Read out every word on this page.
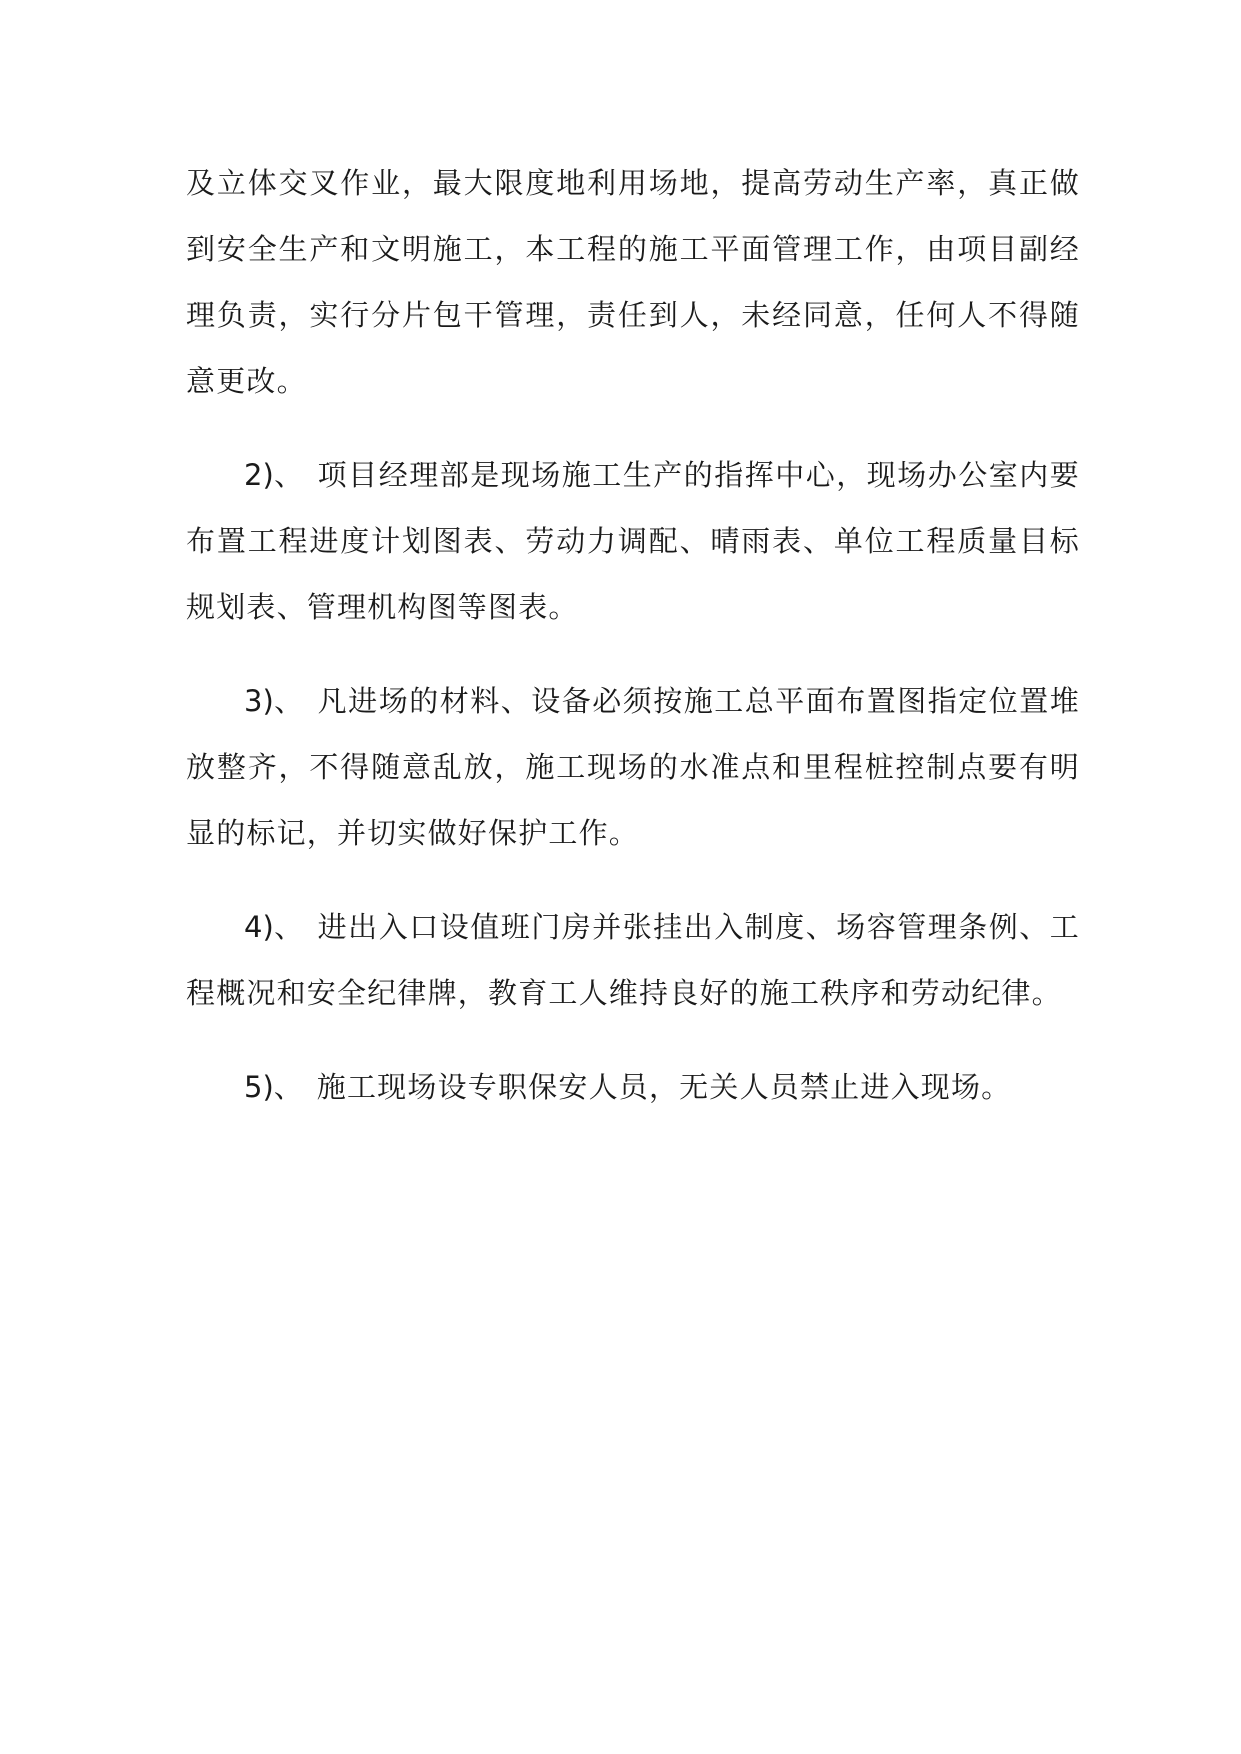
及立体交叉作业，最大限度地利用场地，提高劳动生产率，真正做到安全生产和文明施工，本工程的施工平面管理工作，由项目副经理负责，实行分片包干管理，责任到人，未经同意，任何人不得随意更改。

2)、 项目经理部是现场施工生产的指挥中心，现场办公室内要布置工程进度计划图表、劳动力调配、晴雨表、单位工程质量目标规划表、管理机构图等图表。

3)、 凡进场的材料、设备必须按施工总平面布置图指定位置堆放整齐，不得随意乱放，施工现场的水准点和里程桩控制点要有明显的标记，并切实做好保护工作。

4)、 进出入口设值班门房并张挂出入制度、场容管理条例、工程概况和安全纪律牌，教育工人维持良好的施工秩序和劳动纪律。

5)、 施工现场设专职保安人员，无关人员禁止进入现场。
